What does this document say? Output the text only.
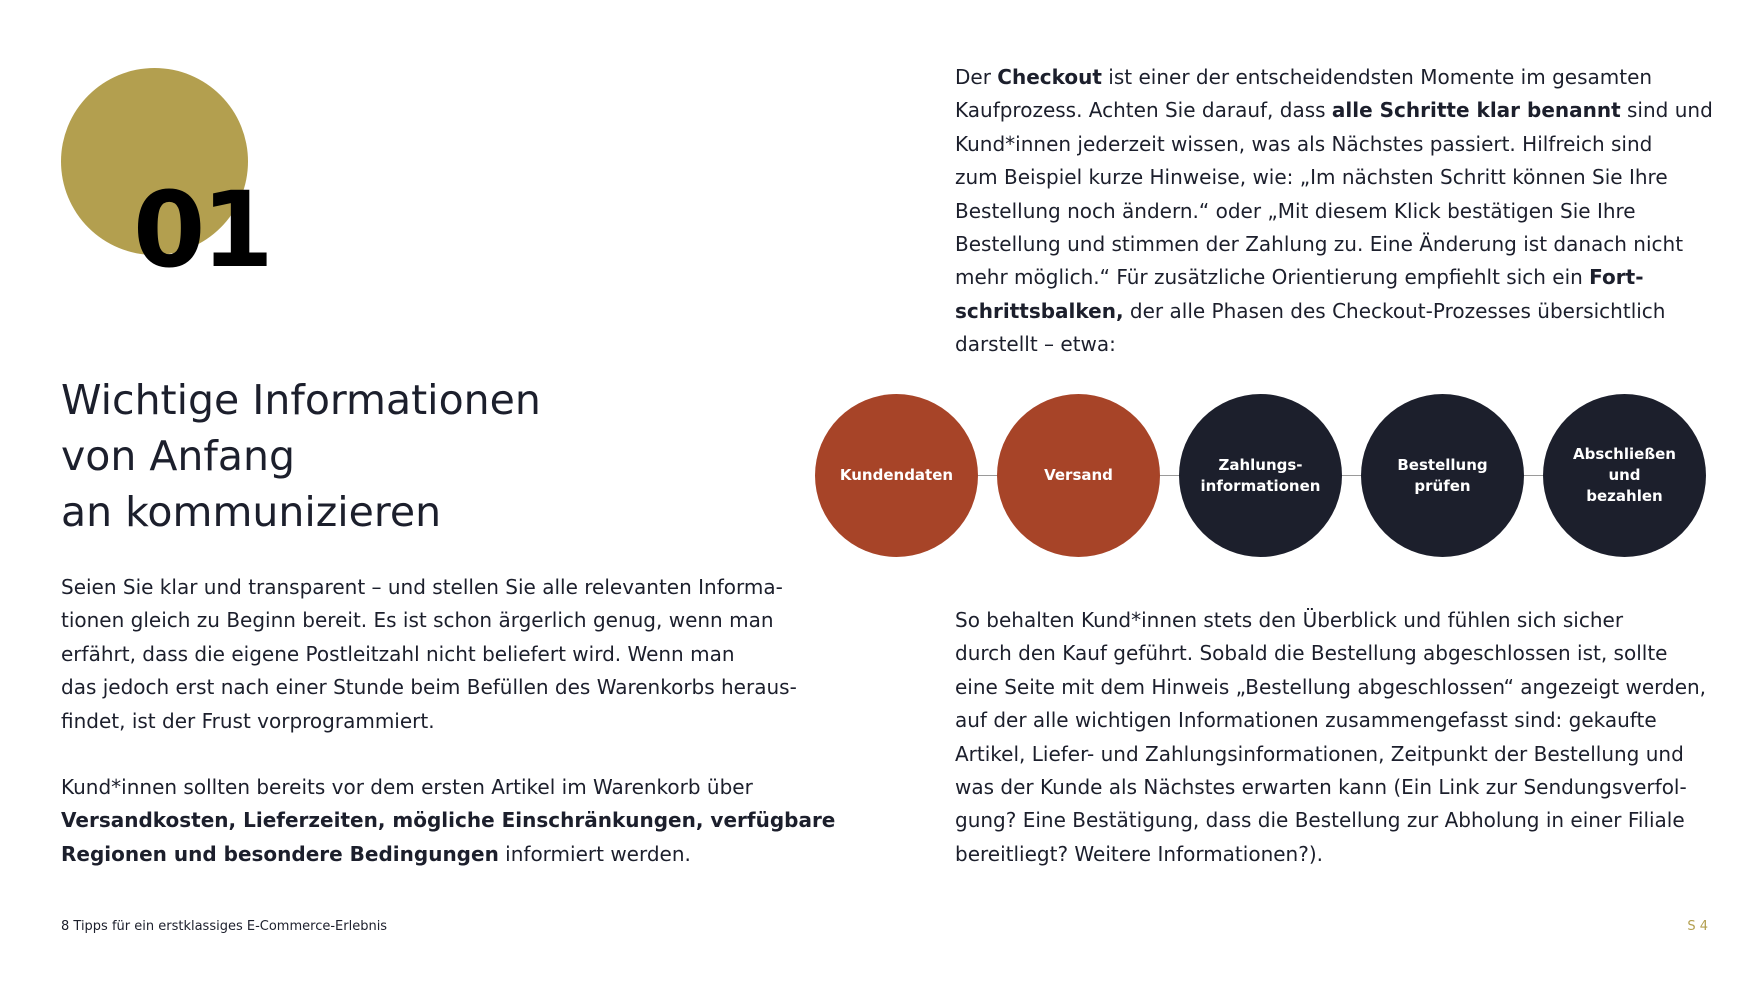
01
Wichtige Informationen
von Anfang
an kommunizieren

Seien Sie klar und transparent – und stellen Sie alle relevanten Informa-
tionen gleich zu Beginn bereit. Es ist schon ärgerlich genug, wenn man
erfährt, dass die eigene Postleitzahl nicht beliefert wird. Wenn man
das jedoch erst nach einer Stunde beim Befüllen des Warenkorbs heraus-
findet, ist der Frust vorprogrammiert.

Kund*innen sollten bereits vor dem ersten Artikel im Warenkorb über
Versandkosten, Lieferzeiten, mögliche Einschränkungen, verfügbare
Regionen und besondere Bedingungen informiert werden.

Der Checkout ist einer der entscheidendsten Momente im gesamten
Kaufprozess. Achten Sie darauf, dass alle Schritte klar benannt sind und
Kund*innen jederzeit wissen, was als Nächstes passiert. Hilfreich sind
zum Beispiel kurze Hinweise, wie: „Im nächsten Schritt können Sie Ihre
Bestellung noch ändern.“ oder „Mit diesem Klick bestätigen Sie Ihre
Bestellung und stimmen der Zahlung zu. Eine Änderung ist danach nicht
mehr möglich.“ Für zusätzliche Orientierung empfiehlt sich ein Fort-
schrittsbalken, der alle Phasen des Checkout-Prozesses übersichtlich
darstellt – etwa:

Kundendaten	Versand
Zahlungs-
informationen
Bestellung
prüfen
Abschließen
und
bezahlen

So behalten Kund*innen stets den Überblick und fühlen sich sicher
durch den Kauf geführt. Sobald die Bestellung abgeschlossen ist, sollte
eine Seite mit dem Hinweis „Bestellung abgeschlossen“ angezeigt werden,
auf der alle wichtigen Informationen zusammengefasst sind: gekaufte
Artikel, Liefer- und Zahlungsinformationen, Zeitpunkt der Bestellung und
was der Kunde als Nächstes erwarten kann (Ein Link zur Sendungsverfol-
gung? Eine Bestätigung, dass die Bestellung zur Abholung in einer Filiale
bereitliegt? Weitere Informationen?).

8 Tipps für ein erstklassiges E-Commerce-Erlebnis	S 4
